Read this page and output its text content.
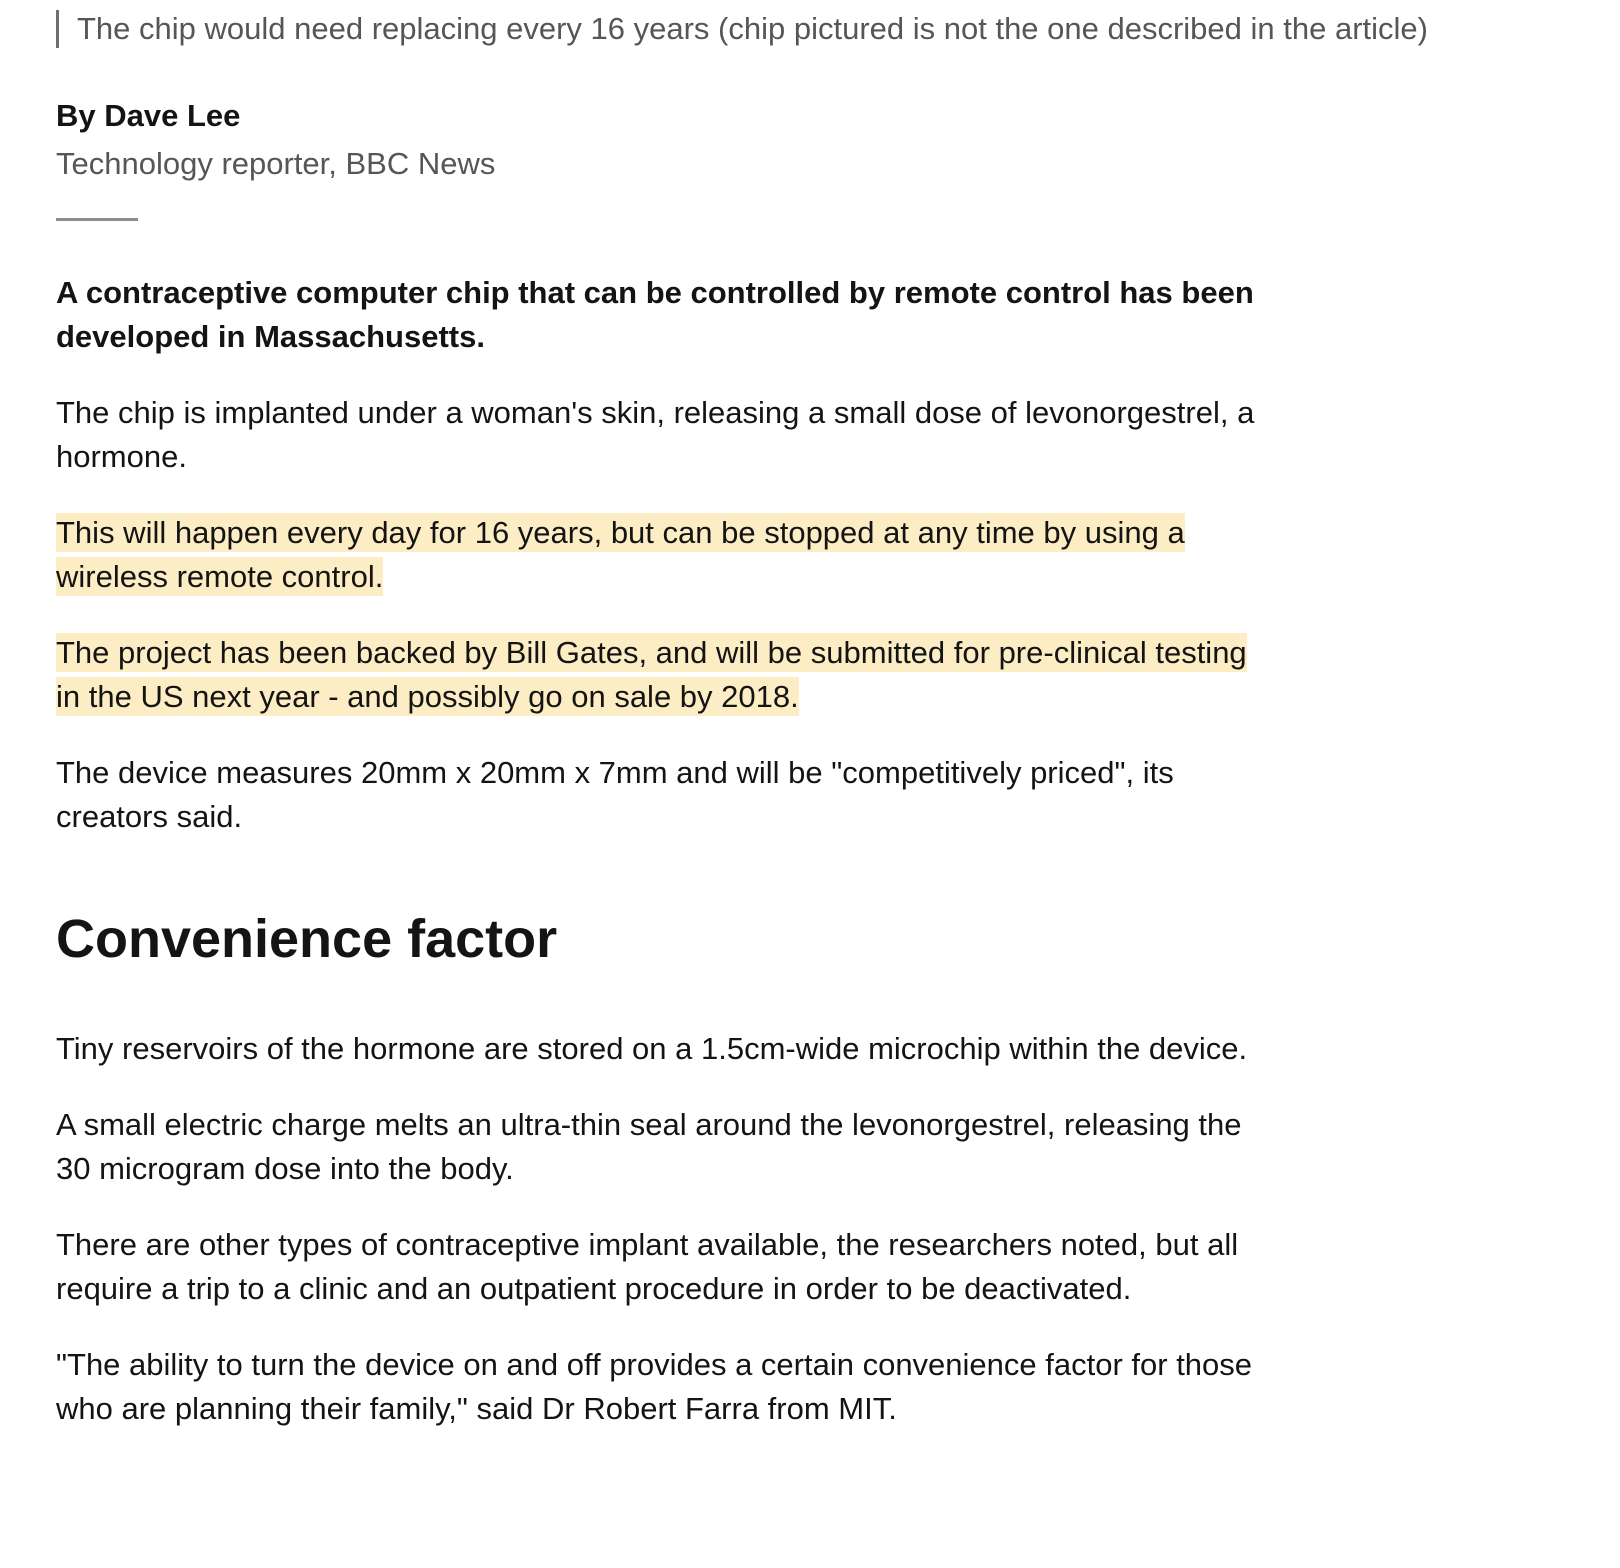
The chip would need replacing every 16 years (chip pictured is not the one described in the article)
By Dave Lee
Technology reporter, BBC News

A contraceptive computer chip that can be controlled by remote control has been developed in Massachusetts.

The chip is implanted under a woman's skin, releasing a small dose of levonorgestrel, a hormone.

This will happen every day for 16 years, but can be stopped at any time by using a wireless remote control.

The project has been backed by Bill Gates, and will be submitted for pre-clinical testing in the US next year - and possibly go on sale by 2018.

The device measures 20mm x 20mm x 7mm and will be "competitively priced", its creators said.

Convenience factor

Tiny reservoirs of the hormone are stored on a 1.5cm-wide microchip within the device.

A small electric charge melts an ultra-thin seal around the levonorgestrel, releasing the 30 microgram dose into the body.

There are other types of contraceptive implant available, the researchers noted, but all require a trip to a clinic and an outpatient procedure in order to be deactivated.

"The ability to turn the device on and off provides a certain convenience factor for those who are planning their family," said Dr Robert Farra from MIT.
